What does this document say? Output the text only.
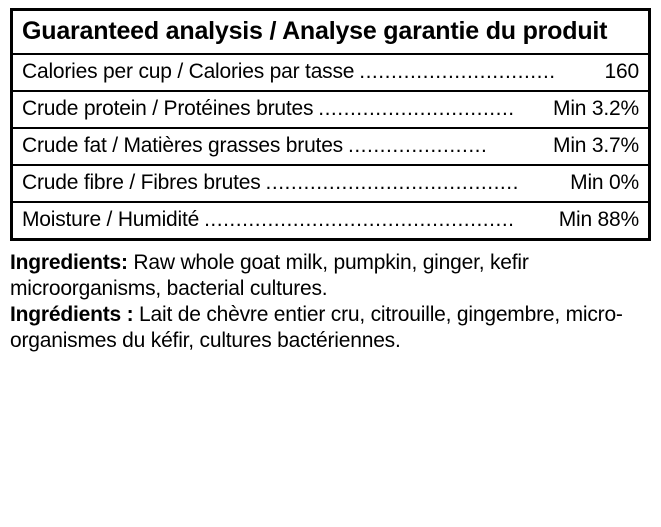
Guaranteed analysis / Analyse garantie du produit
Calories per cup / Calories par tasse ...............................	160
Crude protein / Protéines brutes ...............................	Min 3.2%
Crude fat / Matières grasses brutes ......................	Min 3.7%
Crude fibre / Fibres brutes ........................................	Min 0%
Moisture / Humidité .................................................	Min 88%
Ingredients: Raw whole goat milk, pumpkin, ginger, kefir microorganisms, bacterial cultures.
Ingrédients : Lait de chèvre entier cru, citrouille, gingembre, micro-organismes du kéfir, cultures bactériennes.
